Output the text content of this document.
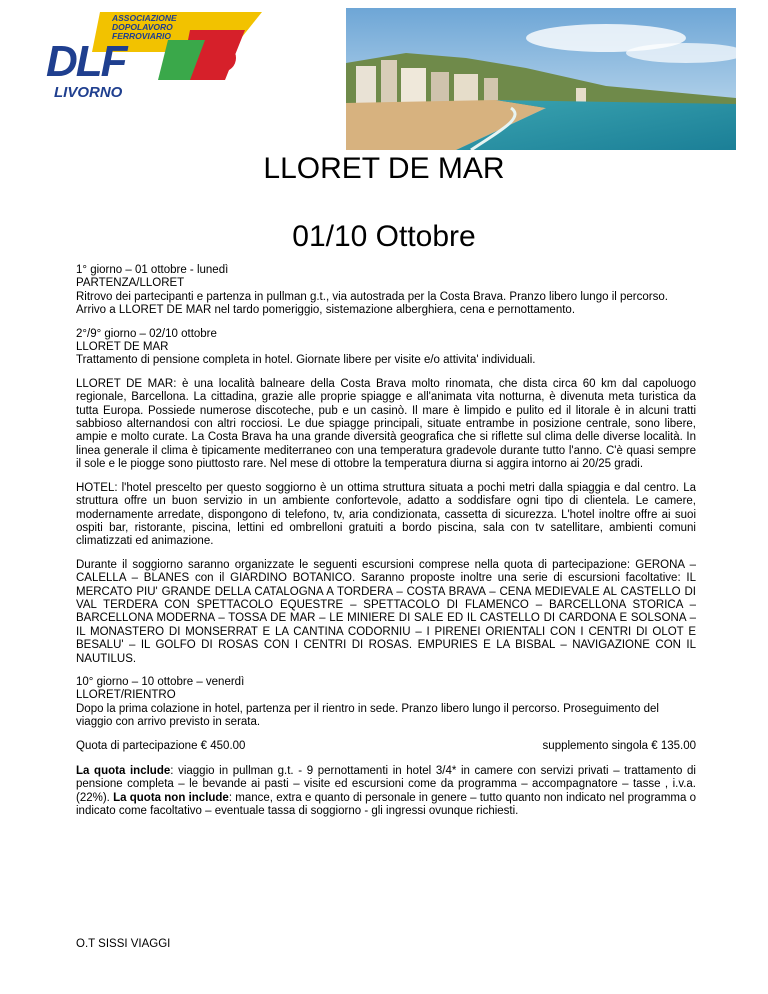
ASSOCIAZIONE
DOPOLAVORO
FERROVIARIO
DLF
LIVORNO
LLORET DE MAR
01/10 Ottobre

1° giorno – 01 ottobre - lunedì
PARTENZA/LLORET
Ritrovo dei partecipanti e partenza in pullman g.t., via autostrada per la Costa Brava. Pranzo libero lungo il percorso. Arrivo a LLORET DE MAR nel tardo pomeriggio, sistemazione alberghiera, cena e pernottamento.

2°/9° giorno – 02/10 ottobre
LLORET DE MAR
Trattamento di pensione completa in hotel. Giornate libere per visite e/o attivita' individuali.

LLORET DE MAR: è una località balneare della Costa Brava molto rinomata, che dista circa 60 km dal capoluogo regionale, Barcellona. La cittadina, grazie alle proprie spiagge e all'animata vita notturna, è divenuta meta turistica da tutta Europa. Possiede numerose discoteche, pub e un casinò. Il mare è limpido e pulito ed il litorale è in alcuni tratti sabbioso alternandosi con altri rocciosi. Le due spiagge principali, situate entrambe in posizione centrale, sono libere, ampie e molto curate. La Costa Brava ha una grande diversità geografica che si riflette sul clima delle diverse località. In linea generale il clima è tipicamente mediterraneo con una temperatura gradevole durante tutto l'anno. C'è quasi sempre il sole e le piogge sono piuttosto rare. Nel mese di ottobre la temperatura diurna si aggira intorno ai 20/25 gradi.

HOTEL: l'hotel prescelto per questo soggiorno è un ottima struttura situata a pochi metri dalla spiaggia e dal centro. La struttura offre un buon servizio in un ambiente confortevole, adatto a soddisfare ogni tipo di clientela. Le camere, modernamente arredate, dispongono di telefono, tv, aria condizionata, cassetta di sicurezza. L'hotel inoltre offre ai suoi ospiti bar, ristorante, piscina, lettini ed ombrelloni gratuiti a bordo piscina, sala con tv satellitare, ambienti comuni climatizzati ed animazione.

Durante il soggiorno saranno organizzate le seguenti escursioni comprese nella quota di partecipazione: GERONA – CALELLA – BLANES con il GIARDINO BOTANICO. Saranno proposte inoltre una serie di escursioni facoltative: IL MERCATO PIU' GRANDE DELLA CATALOGNA A TORDERA – COSTA BRAVA – CENA MEDIEVALE AL CASTELLO DI VAL TERDERA CON SPETTACOLO EQUESTRE – SPETTACOLO DI FLAMENCO – BARCELLONA STORICA – BARCELLONA MODERNA – TOSSA DE MAR – LE MINIERE DI SALE ED IL CASTELLO DI CARDONA E SOLSONA – IL MONASTERO DI MONSERRAT E LA CANTINA CODORNIU – I PIRENEI ORIENTALI CON I CENTRI DI OLOT E BESALU' – IL GOLFO DI ROSAS CON I CENTRI DI ROSAS. EMPURIES E LA BISBAL – NAVIGAZIONE CON IL NAUTILUS.

10° giorno – 10 ottobre – venerdì
LLORET/RIENTRO
Dopo la prima colazione in hotel, partenza per il rientro in sede. Pranzo libero lungo il percorso. Proseguimento del viaggio con arrivo previsto in serata.

Quota di partecipazione € 450.00	supplemento singola € 135.00

La quota include: viaggio in pullman g.t. - 9 pernottamenti in hotel 3/4* in camere con servizi privati – trattamento di pensione completa – le bevande ai pasti – visite ed escursioni come da programma – accompagnatore – tasse , i.v.a. (22%). La quota non include: mance, extra e quanto di personale in genere – tutto quanto non indicato nel programma o indicato come facoltativo – eventuale tassa di soggiorno - gli ingressi ovunque richiesti.

O.T SISSI VIAGGI
